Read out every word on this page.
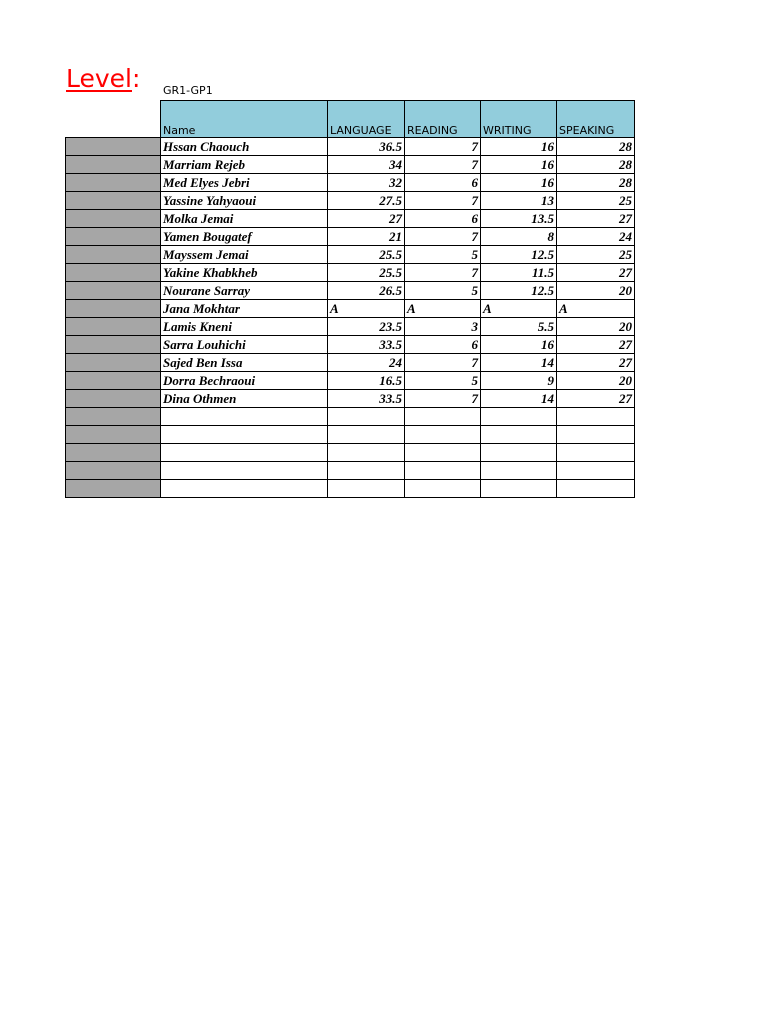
Level: GR1-GP1
	Name	LANGUAGE	READING	WRITING	SPEAKING
	Hssan Chaouch	36.5	7	16	28
	Marriam Rejeb	34	7	16	28
	Med Elyes Jebri	32	6	16	28
	Yassine Yahyaoui	27.5	7	13	25
	Molka Jemai	27	6	13.5	27
	Yamen Bougatef	21	7	8	24
	Mayssem Jemai	25.5	5	12.5	25
	Yakine Khabkheb	25.5	7	11.5	27
	Nourane Sarray	26.5	5	12.5	20
	Jana Mokhtar	A	A	A	A
	Lamis Kneni	23.5	3	5.5	20
	Sarra Louhichi	33.5	6	16	27
	Sajed Ben Issa	24	7	14	27
	Dorra Bechraoui	16.5	5	9	20
	Dina Othmen	33.5	7	14	27
